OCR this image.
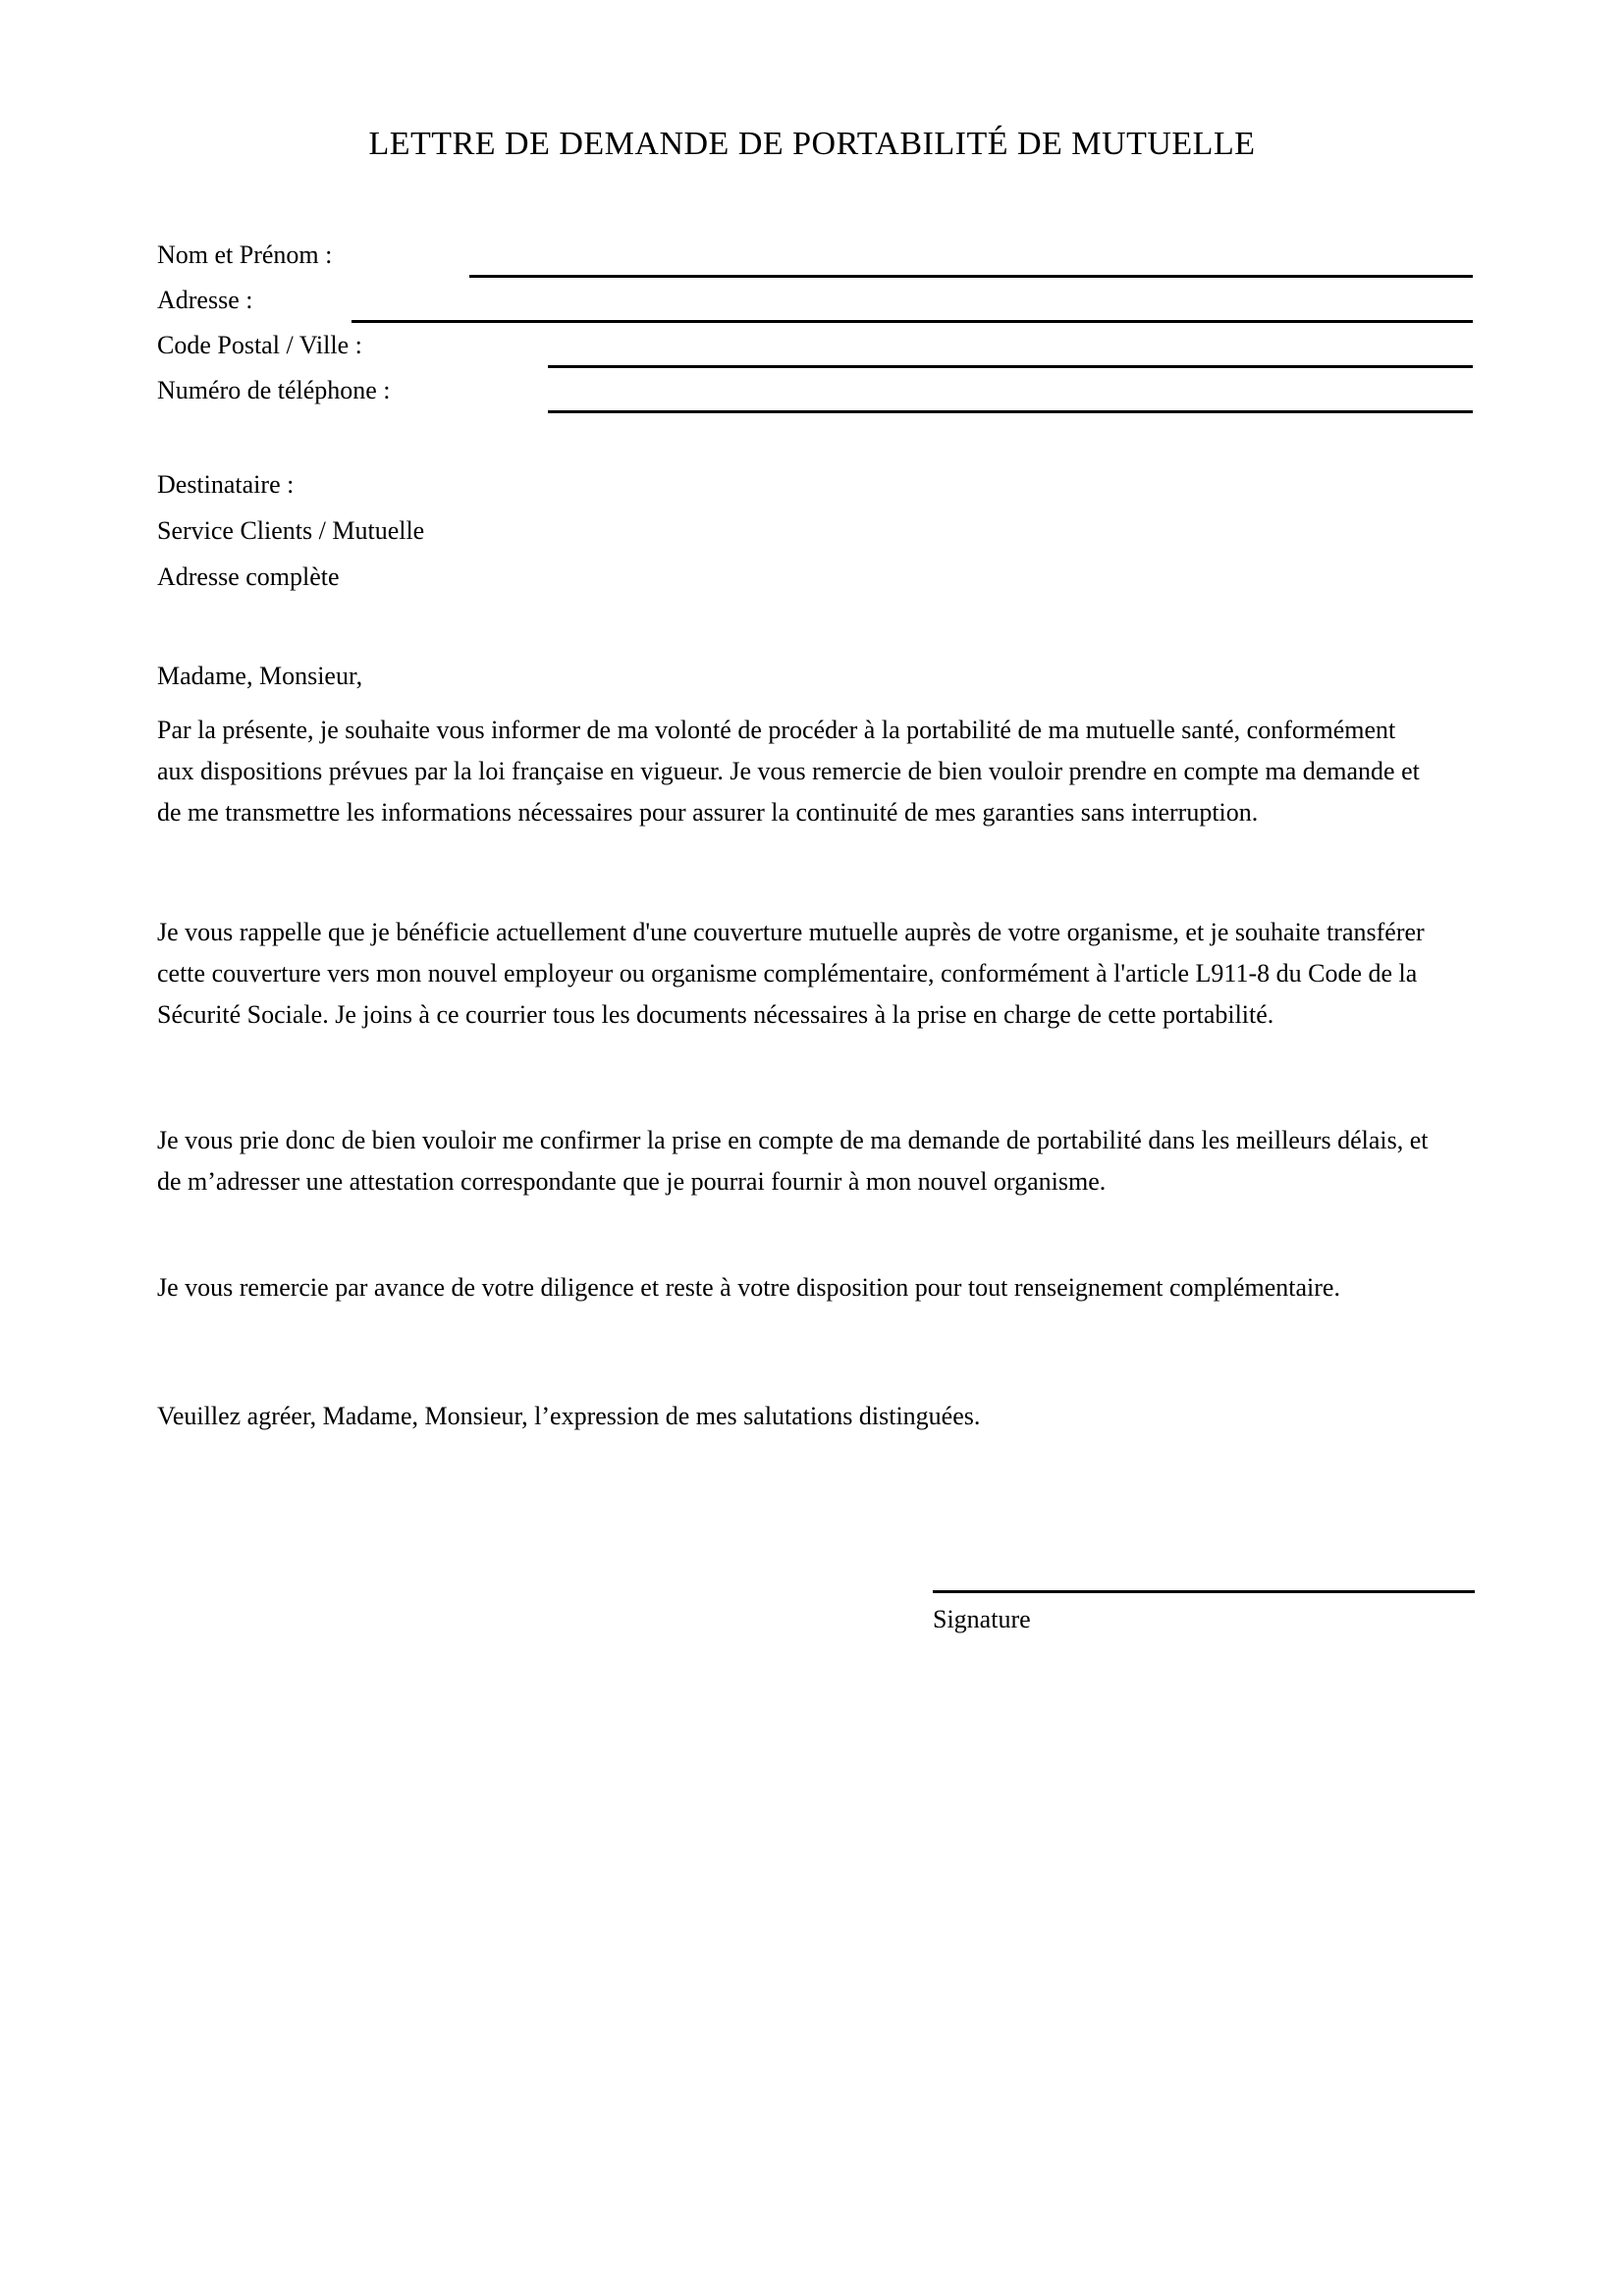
LETTRE DE DEMANDE DE PORTABILITÉ DE MUTUELLE
Nom et Prénom :
Adresse :
Code Postal / Ville :
Numéro de téléphone :
Destinataire :
Service Clients / Mutuelle
Adresse complète
Madame, Monsieur,

Par la présente, je souhaite vous informer de ma volonté de procéder à la portabilité de ma mutuelle santé, conformément aux dispositions prévues par la loi française en vigueur. Je vous remercie de bien vouloir prendre en compte ma demande et de me transmettre les informations nécessaires pour assurer la continuité de mes garanties sans interruption.

Je vous rappelle que je bénéficie actuellement d'une couverture mutuelle auprès de votre organisme, et je souhaite transférer cette couverture vers mon nouvel employeur ou organisme complémentaire, conformément à l'article L911-8 du Code de la Sécurité Sociale. Je joins à ce courrier tous les documents nécessaires à la prise en charge de cette portabilité.

Je vous prie donc de bien vouloir me confirmer la prise en compte de ma demande de portabilité dans les meilleurs délais, et de m’adresser une attestation correspondante que je pourrai fournir à mon nouvel organisme.

Je vous remercie par avance de votre diligence et reste à votre disposition pour tout renseignement complémentaire.

Veuillez agréer, Madame, Monsieur, l’expression de mes salutations distinguées.

Signature
